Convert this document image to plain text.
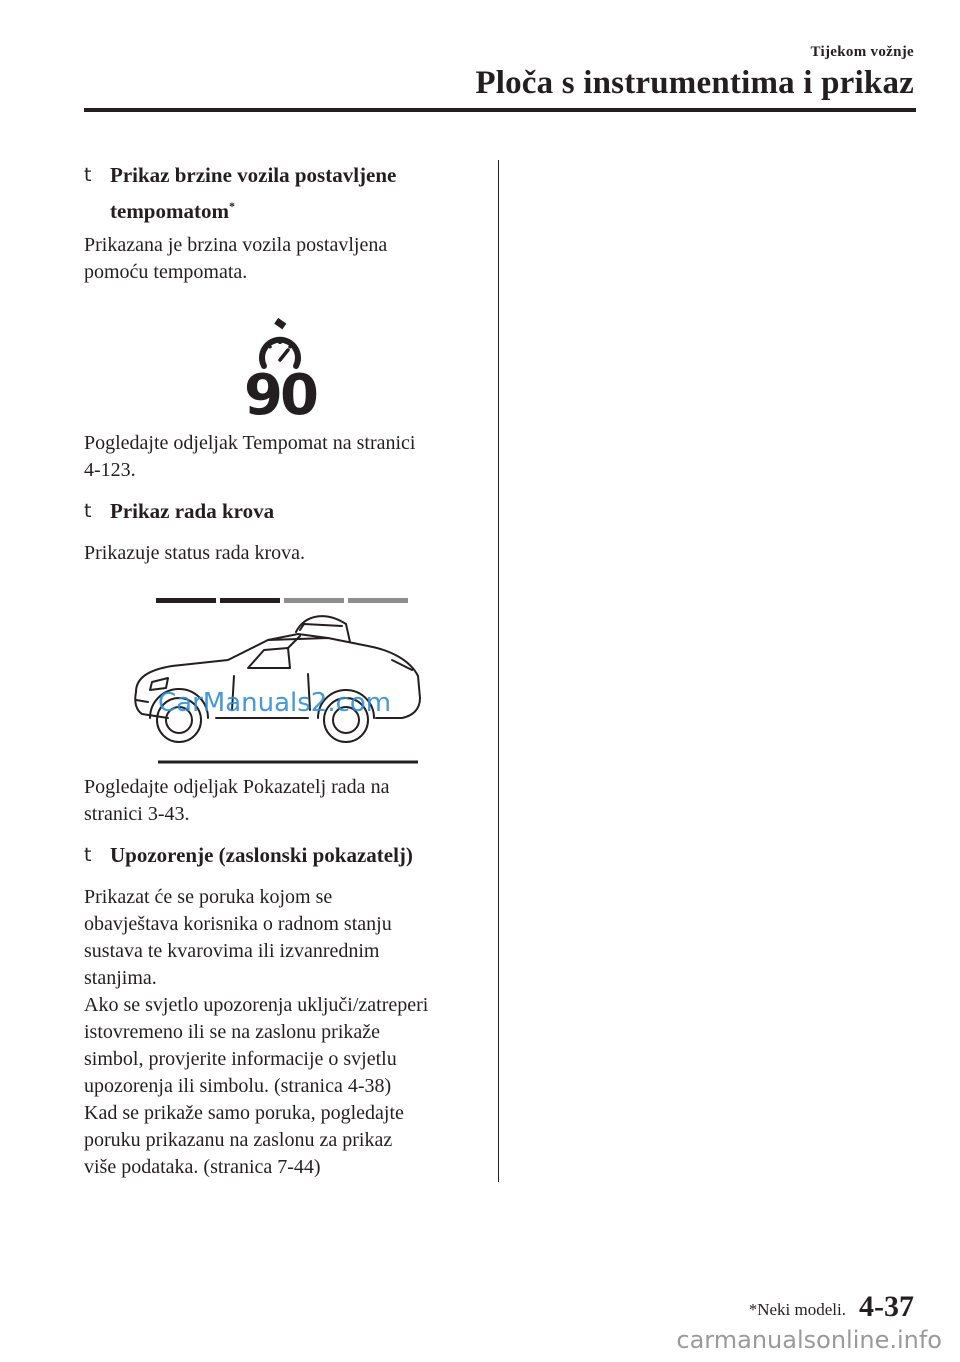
Tijekom vožnje
Ploča s instrumentima i prikaz
t Prikaz brzine vozila postavljene
tempomatom*
Prikazana je brzina vozila postavljena
pomoću tempomata.
90
Pogledajte odjeljak Tempomat na stranici
4-123.
t Prikaz rada krova
Prikazuje status rada krova.
CarManuals2.com
Pogledajte odjeljak Pokazatelj rada na
stranici 3-43.
t Upozorenje (zaslonski pokazatelj)
Prikazat će se poruka kojom se
obavještava korisnika o radnom stanju
sustava te kvarovima ili izvanrednim
stanjima.
Ako se svjetlo upozorenja uključi/zatreperi
istovremeno ili se na zaslonu prikaže
simbol, provjerite informacije o svjetlu
upozorenja ili simbolu. (stranica 4-38)
Kad se prikaže samo poruka, pogledajte
poruku prikazanu na zaslonu za prikaz
više podataka. (stranica 7-44)
*Neki modeli. 4-37
carmanualsonline.info
